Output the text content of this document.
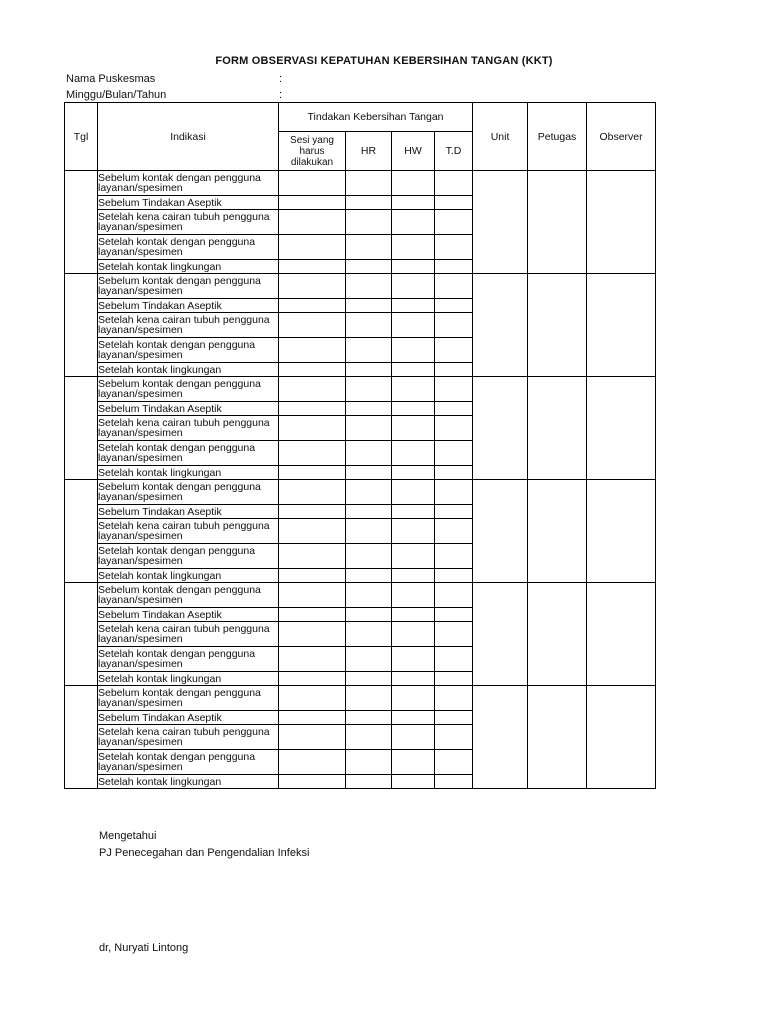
FORM OBSERVASI KEPATUHAN KEBERSIHAN TANGAN (KKT)
Nama Puskesmas	:
Minggu/Bulan/Tahun	:
Tgl	Indikasi	Tindakan Kebersihan Tangan				Unit	Petugas	Observer
		Sesi yang harus dilakukan	HR	HW	T.D			
	Sebelum kontak dengan pengguna layanan/spesimen							
	Sebelum Tindakan Aseptik							
	Setelah kena cairan tubuh pengguna layanan/spesimen							
	Setelah kontak dengan pengguna layanan/spesimen							
	Setelah kontak lingkungan							
	Sebelum kontak dengan pengguna layanan/spesimen							
	Sebelum Tindakan Aseptik							
	Setelah kena cairan tubuh pengguna layanan/spesimen							
	Setelah kontak dengan pengguna layanan/spesimen							
	Setelah kontak lingkungan							
	Sebelum kontak dengan pengguna layanan/spesimen							
	Sebelum Tindakan Aseptik							
	Setelah kena cairan tubuh pengguna layanan/spesimen							
	Setelah kontak dengan pengguna layanan/spesimen							
	Setelah kontak lingkungan							
	Sebelum kontak dengan pengguna layanan/spesimen							
	Sebelum Tindakan Aseptik							
	Setelah kena cairan tubuh pengguna layanan/spesimen							
	Setelah kontak dengan pengguna layanan/spesimen							
	Setelah kontak lingkungan							
	Sebelum kontak dengan pengguna layanan/spesimen							
	Sebelum Tindakan Aseptik							
	Setelah kena cairan tubuh pengguna layanan/spesimen							
	Setelah kontak dengan pengguna layanan/spesimen							
	Setelah kontak lingkungan							
	Sebelum kontak dengan pengguna layanan/spesimen							
	Sebelum Tindakan Aseptik							
	Setelah kena cairan tubuh pengguna layanan/spesimen							
	Setelah kontak dengan pengguna layanan/spesimen							
	Setelah kontak lingkungan							
Mengetahui
PJ Penecegahan dan Pengendalian Infeksi
dr, Nuryati Lintong
